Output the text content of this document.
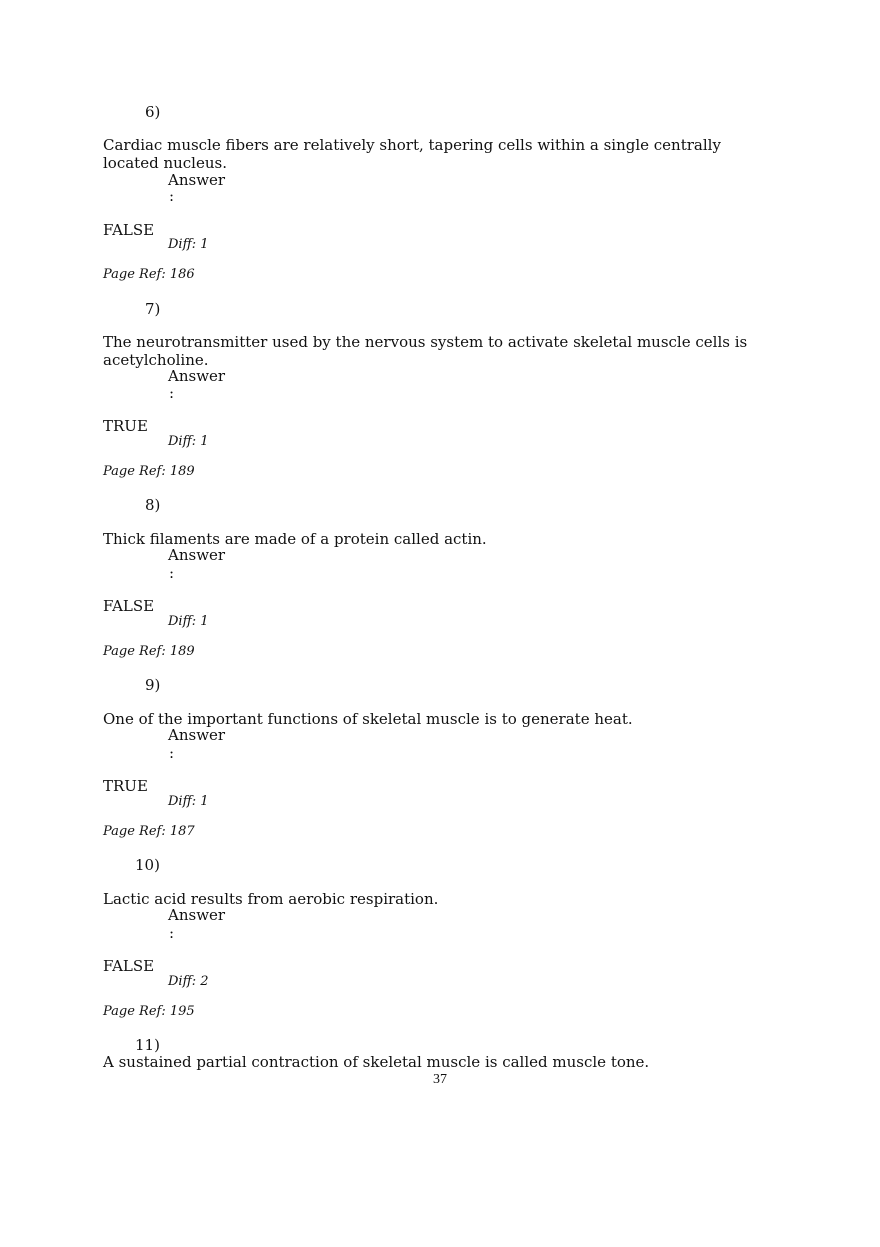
6)
Cardiac muscle fibers are relatively short, tapering cells within a single centrally located nucleus.
Answer
:
FALSE
Diff: 1
Page Ref: 186
7)
The neurotransmitter used by the nervous system to activate skeletal muscle cells is acetylcholine.
Answer
:
TRUE
Diff: 1
Page Ref: 189
8)
Thick filaments are made of a protein called actin.
Answer
:
FALSE
Diff: 1
Page Ref: 189
9)
One of the important functions of skeletal muscle is to generate heat.
Answer
:
TRUE
Diff: 1
Page Ref: 187
10)
Lactic acid results from aerobic respiration.
Answer
:
FALSE
Diff: 2
Page Ref: 195
11)
A sustained partial contraction of skeletal muscle is called muscle tone.
37
